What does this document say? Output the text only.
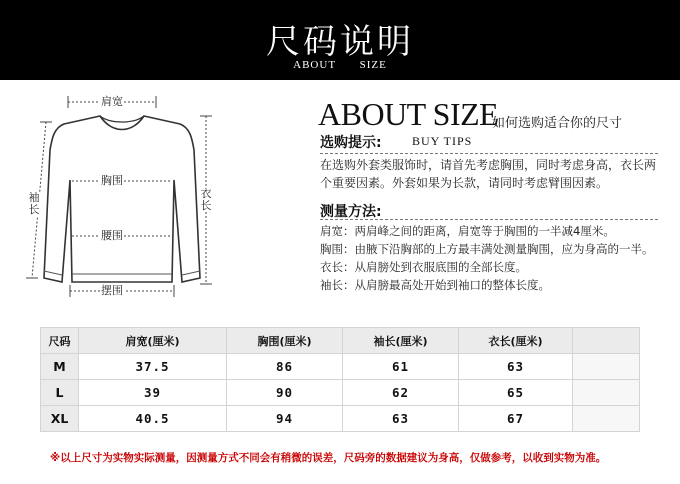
尺码说明
ABOUT SIZE
肩宽
胸围
腰围
摆围
袖长
衣长
ABOUT SIZE
如何选购适合你的尺寸
选购提示:	BUY TIPS
在选购外套类服饰时，请首先考虑胸围，同时考虑身高，衣长两个重要因素。外套如果为长款，请同时考虑臂围因素。
测量方法:
肩宽：两肩峰之间的距离，肩宽等于胸围的一半减4厘米。
胸围：由腋下沿胸部的上方最丰满处测量胸围，应为身高的一半。
衣长：从肩膀处到衣服底围的全部长度。
袖长：从肩膀最高处开始到袖口的整体长度。
尺码	肩宽(厘米)	胸围(厘米)	袖长(厘米)	衣长(厘米)	
M	37.5	86	61	63	
L	39	90	62	65	
XL	40.5	94	63	67	
※以上尺寸为实物实际测量，因测量方式不同会有稍微的误差，尺码旁的数据建议为身高，仅做参考，以收到实物为准。
